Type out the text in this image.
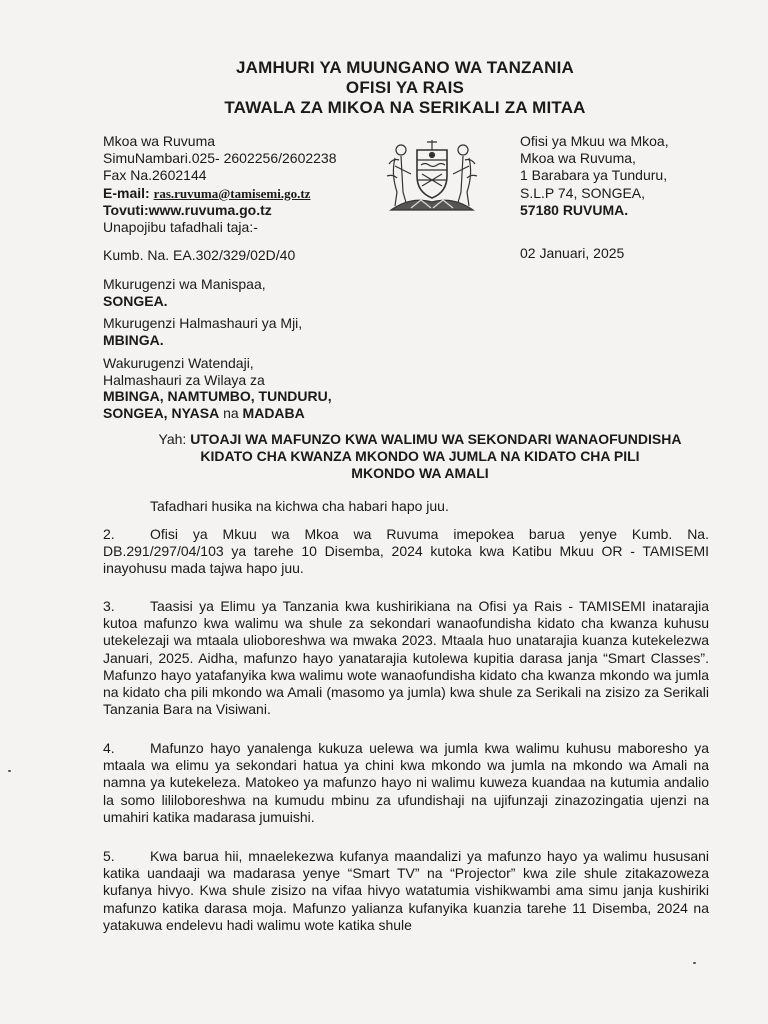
JAMHURI YA MUUNGANO WA TANZANIA
OFISI YA RAIS
TAWALA ZA MIKOA NA SERIKALI ZA MITAA
Mkoa wa Ruvuma
SimuNambari.025- 2602256/2602238
Fax Na.2602144
E-mail: ras.ruvuma@tamisemi.go.tz
Tovuti:www.ruvuma.go.tz
Unapojibu tafadhali taja:-
Ofisi ya Mkuu wa Mkoa,
Mkoa wa Ruvuma,
1 Barabara ya Tunduru,
S.L.P 74, SONGEA,
57180 RUVUMA.
Kumb. Na. EA.302/329/02D/40	02 Januari, 2025
Mkurugenzi wa Manispaa,
SONGEA.
Mkurugenzi Halmashauri ya Mji,
MBINGA.
Wakurugenzi Watendaji,
Halmashauri za Wilaya za
MBINGA, NAMTUMBO, TUNDURU,
SONGEA, NYASA na MADABA
Yah: UTOAJI WA MAFUNZO KWA WALIMU WA SEKONDARI WANAOFUNDISHA
KIDATO CHA KWANZA MKONDO WA JUMLA NA KIDATO CHA PILI
MKONDO WA AMALI
Tafadhari husika na kichwa cha habari hapo juu.
2.	Ofisi ya Mkuu wa Mkoa wa Ruvuma imepokea barua yenye Kumb. Na. DB.291/297/04/103 ya tarehe 10 Disemba, 2024 kutoka kwa Katibu Mkuu OR - TAMISEMI inayohusu mada tajwa hapo juu.
3.	Taasisi ya Elimu ya Tanzania kwa kushirikiana na Ofisi ya Rais - TAMISEMI inatarajia kutoa mafunzo kwa walimu wa shule za sekondari wanaofundisha kidato cha kwanza kuhusu utekelezaji wa mtaala ulioboreshwa wa mwaka 2023. Mtaala huo unatarajia kuanza kutekelezwa Januari, 2025. Aidha, mafunzo hayo yanatarajia kutolewa kupitia darasa janja “Smart Classes”. Mafunzo hayo yatafanyika kwa walimu wote wanaofundisha kidato cha kwanza mkondo wa jumla na kidato cha pili mkondo wa Amali (masomo ya jumla) kwa shule za Serikali na zisizo za Serikali Tanzania Bara na Visiwani.
4.	Mafunzo hayo yanalenga kukuza uelewa wa jumla kwa walimu kuhusu maboresho ya mtaala wa elimu ya sekondari hatua ya chini kwa mkondo wa jumla na mkondo wa Amali na namna ya kutekeleza. Matokeo ya mafunzo hayo ni walimu kuweza kuandaa na kutumia andalio la somo lililoboreshwa na kumudu mbinu za ufundishaji na ujifunzaji zinazozingatia ujenzi na umahiri katika madarasa jumuishi.
5.	Kwa barua hii, mnaelekezwa kufanya maandalizi ya mafunzo hayo ya walimu hususani katika uandaaji wa madarasa yenye “Smart TV” na “Projector” kwa zile shule zitakazoweza kufanya hivyo. Kwa shule zisizo na vifaa hivyo watatumia vishikwambi ama simu janja kushiriki mafunzo katika darasa moja. Mafunzo yalianza kufanyika kuanzia tarehe 11 Disemba, 2024 na yatakuwa endelevu hadi walimu wote katika shule
